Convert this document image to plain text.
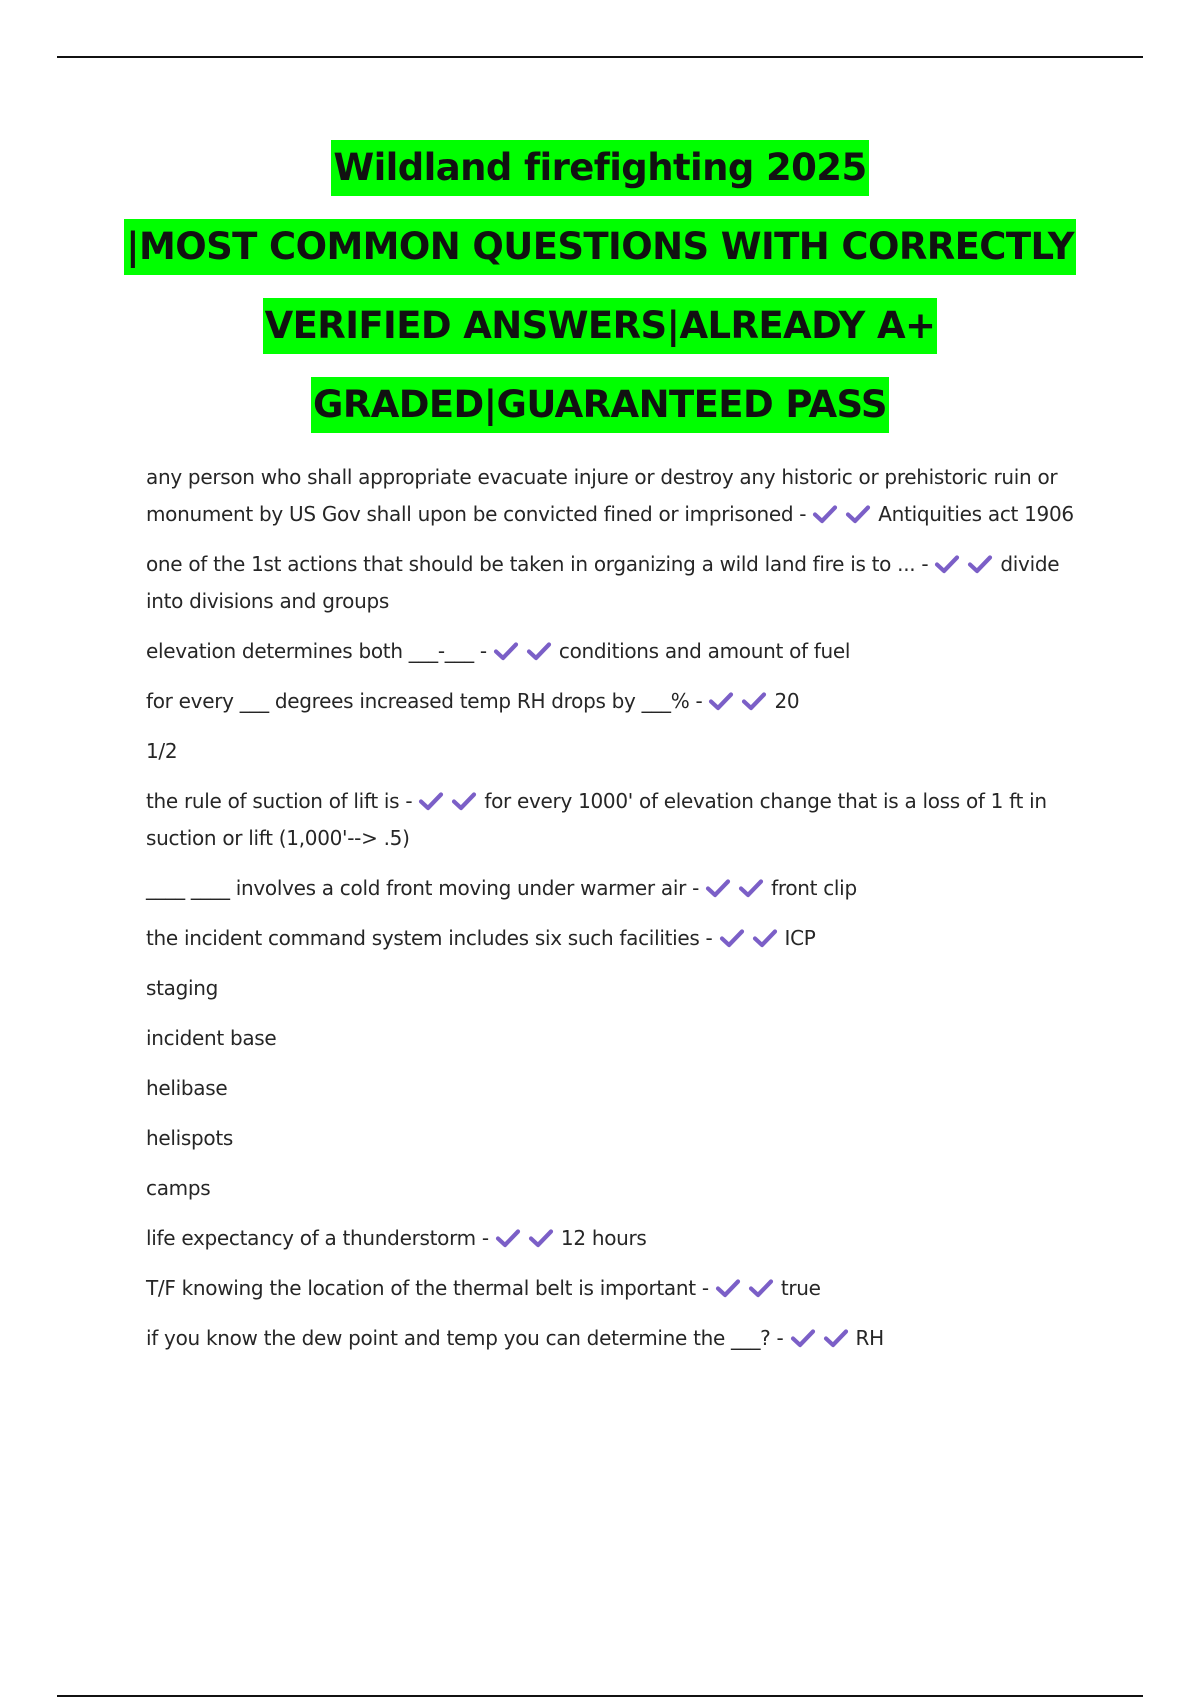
Wildland firefighting 2025
|MOST COMMON QUESTIONS WITH CORRECTLY
VERIFIED ANSWERS|ALREADY A+
GRADED|GUARANTEED PASS
any person who shall appropriate evacuate injure or destroy any historic or prehistoric ruin or monument by US Gov shall upon be convicted fined or imprisoned -	Antiquities act 1906
one of the 1st actions that should be taken in organizing a wild land fire is to ... -	divide into divisions and groups
elevation determines both ___-___ -	conditions and amount of fuel
for every ___ degrees increased temp RH drops by ___% -	20
1/2
the rule of suction of lift is -	for every 1000' of elevation change that is a loss of 1 ft in suction or lift (1,000'--> .5)
____ ____ involves a cold front moving under warmer air -	front clip
the incident command system includes six such facilities -	ICP
staging
incident base
helibase
helispots
camps
life expectancy of a thunderstorm -	12 hours
T/F knowing the location of the thermal belt is important -	true
if you know the dew point and temp you can determine the ___? -	RH
